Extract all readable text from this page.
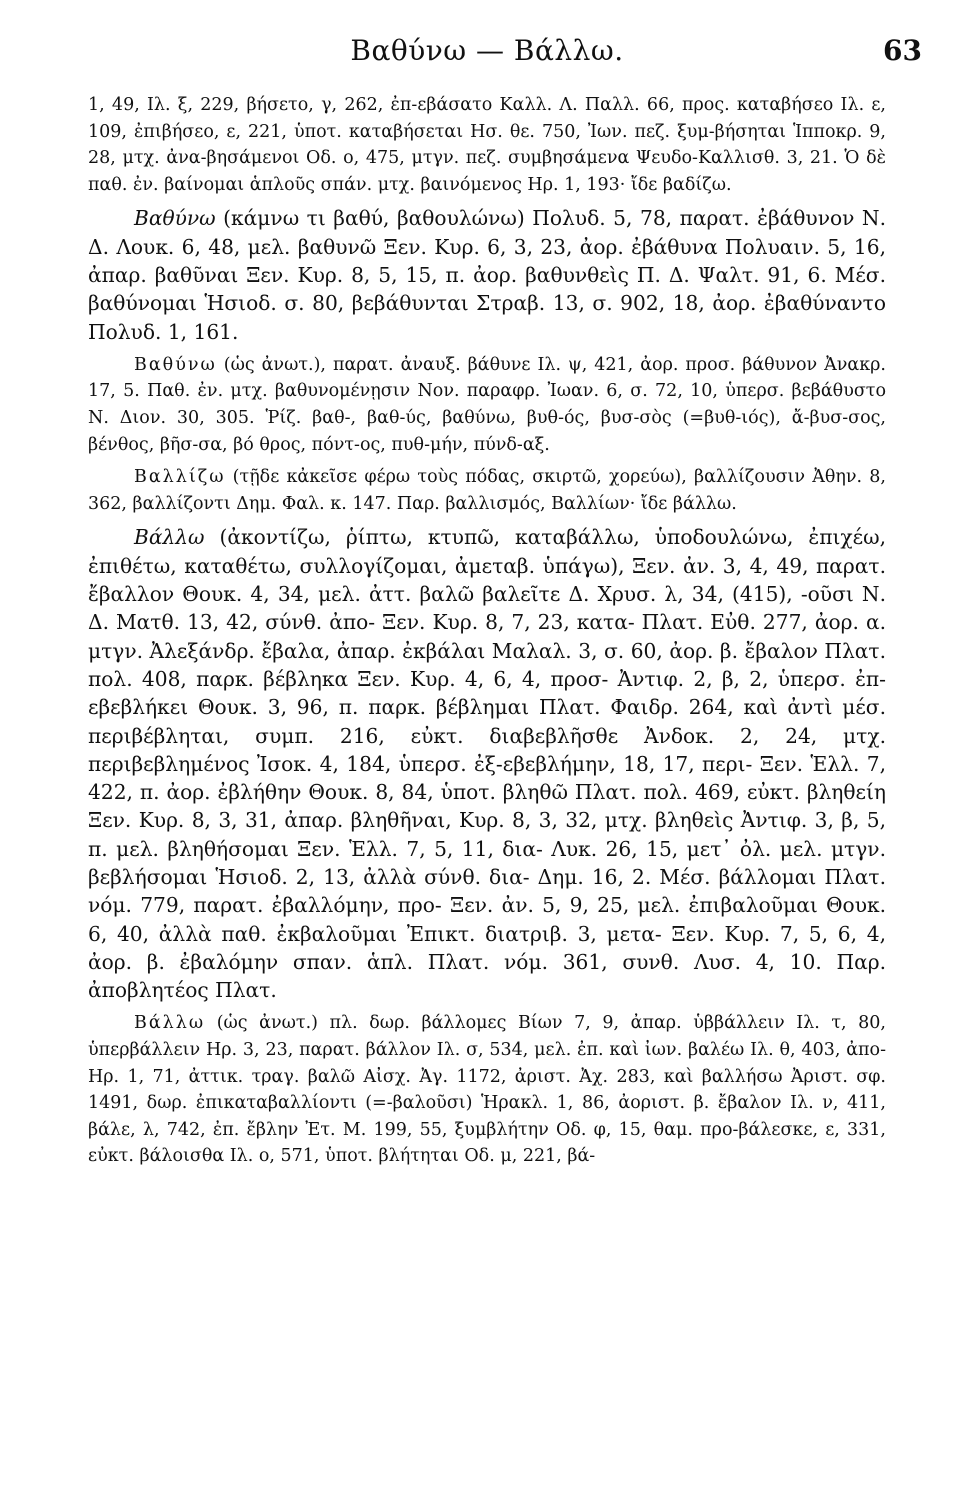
Βαθύνω — Βάλλω.	63

1, 49, Ιλ. ξ, 229, βήσετο, γ, 262, ἐπ-εβάσατο Καλλ. Λ. Παλλ. 66, προς. καταβήσεο Ιλ. ε, 109, ἐπιβήσεο, ε, 221, ὑποτ. καταβήσεται Ησ. θε. 750, Ἰων. πεζ. ξυμ-βήσηται Ἱπποκρ. 9, 28, μτχ. ἀνα-βησάμενοι Οδ. ο, 475, μτγν. πεζ. συμβησάμενα Ψευδο-Καλλισθ. 3, 21. Ὁ δὲ παθ. ἐν. βαίνομαι ἁπλοῦς σπάν. μτχ. βαινόμενος Ηρ. 1, 193· ἴδε βαδίζω.

Βαθύνω (κάμνω τι βαθύ, βαθουλώνω) Πολυδ. 5, 78, παρατ. ἐβάθυνον Ν. Δ. Λουκ. 6, 48, μελ. βαθυνῶ Ξεν. Κυρ. 6, 3, 23, ἀορ. ἐβάθυνα Πολυαιν. 5, 16, ἀπαρ. βαθῦναι Ξεν. Κυρ. 8, 5, 15, π. ἀορ. βαθυνθεὶς Π. Δ. Ψαλτ. 91, 6. Μέσ. βαθύνομαι Ἡσιοδ. σ. 80, βεβάθυνται Στραβ. 13, σ. 902, 18, ἀορ. ἐβαθύναντο Πολυδ. 1, 161.

Βαθύνω (ὡς ἀνωτ.), παρατ. ἀναυξ. βάθυνε Ιλ. ψ, 421, ἀορ. προσ. βάθυνον Ἀνακρ. 17, 5. Παθ. ἐν. μτχ. βαθυνομένῃσιν Νον. παραφρ. Ἰωαν. 6, σ. 72, 10, ὑπερσ. βεβάθυστο Ν. Διον. 30, 305. Ῥίζ. βαθ-, βαθ-ύς, βαθύνω, βυθ-ός, βυσ-σὸς (=βυθ-ιός), ἄ-βυσ-σος, βένθος, βῆσ-σα, βό θρος, πόντ-ος, πυθ-μήν, πύνδ-αξ.

Βαλλίζω (τῇδε κἀκεῖσε φέρω τοὺς πόδας, σκιρτῶ, χορεύω), βαλλίζουσιν Ἀθην. 8, 362, βαλλίζοντι Δημ. Φαλ. κ. 147. Παρ. βαλλισμός, Βαλλίων· ἴδε βάλλω.

Βάλλω (ἀκοντίζω, ῥίπτω, κτυπῶ, καταβάλλω, ὑποδουλώνω, ἐπιχέω, ἐπιθέτω, καταθέτω, συλλογίζομαι, ἀμεταβ. ὑπάγω), Ξεν. ἀν. 3, 4, 49, παρατ. ἔβαλλον Θουκ. 4, 34, μελ. ἀττ. βαλῶ βαλεῖτε Δ. Χρυσ. λ, 34, (415), -οῦσι Ν. Δ. Ματθ. 13, 42, σύνθ. ἀπο- Ξεν. Κυρ. 8, 7, 23, κατα- Πλατ. Εὐθ. 277, ἀορ. α. μτγν. Ἀλεξάνδρ. ἔβαλα, ἀπαρ. ἐκβάλαι Μαλαλ. 3, σ. 60, ἀορ. β. ἔβαλον Πλατ. πολ. 408, παρκ. βέβληκα Ξεν. Κυρ. 4, 6, 4, προσ- Ἀντιφ. 2, β, 2, ὑπερσ. ἐπ-εβεβλήκει Θουκ. 3, 96, π. παρκ. βέβλημαι Πλατ. Φαιδρ. 264, καὶ ἀντὶ μέσ. περιβέβληται, συμπ. 216, εὐκτ. διαβεβλῆσθε Ἀνδοκ. 2, 24, μτχ. περιβεβλημένος Ἰσοκ. 4, 184, ὑπερσ. ἐξ-εβεβλήμην, 18, 17, περι- Ξεν. Ἑλλ. 7, 422, π. ἀορ. ἐβλήθην Θουκ. 8, 84, ὑποτ. βληθῶ Πλατ. πολ. 469, εὐκτ. βληθείη Ξεν. Κυρ. 8, 3, 31, ἀπαρ. βληθῆναι, Κυρ. 8, 3, 32, μτχ. βληθεὶς Ἀντιφ. 3, β, 5, π. μελ. βληθήσομαι Ξεν. Ἑλλ. 7, 5, 11, δια- Λυκ. 26, 15, μετ᾽ ὀλ. μελ. μτγν. βεβλήσομαι Ἡσιοδ. 2, 13, ἀλλὰ σύνθ. δια- Δημ. 16, 2. Μέσ. βάλλομαι Πλατ. νόμ. 779, παρατ. ἐβαλλόμην, προ- Ξεν. ἀν. 5, 9, 25, μελ. ἐπιβαλοῦμαι Θουκ. 6, 40, ἀλλὰ παθ. ἐκβαλοῦμαι Ἐπικτ. διατριβ. 3, μετα- Ξεν. Κυρ. 7, 5, 6, 4, ἀορ. β. ἐβαλόμην σπαν. ἁπλ. Πλατ. νόμ. 361, συνθ. Λυσ. 4, 10. Παρ. ἀποβλητέος Πλατ.

Βάλλω (ὡς ἀνωτ.) πλ. δωρ. βάλλομες Βίων 7, 9, ἀπαρ. ὑββάλλειν Ιλ. τ, 80, ὑπερβάλλειν Ηρ. 3, 23, παρατ. βάλλον Ιλ. σ, 534, μελ. ἐπ. καὶ ἰων. βαλέω Ιλ. θ, 403, ἀπο- Ηρ. 1, 71, ἀττικ. τραγ. βαλῶ Αἰσχ. Ἀγ. 1172, ἀριστ. Ἀχ. 283, καὶ βαλλήσω Ἀριστ. σφ. 1491, δωρ. ἐπικαταβαλλίοντι (=-βαλοῦσι) Ἡρακλ. 1, 86, ἀοριστ. β. ἔβαλον Ιλ. ν, 411, βάλε, λ, 742, ἐπ. ἔβλην Ἐτ. Μ. 199, 55, ξυμβλήτην Οδ. φ, 15, θαμ. προ-βάλεσκε, ε, 331, εὐκτ. βάλοισθα Ιλ. ο, 571, ὑποτ. βλήτηται Οδ. μ, 221, βά-
